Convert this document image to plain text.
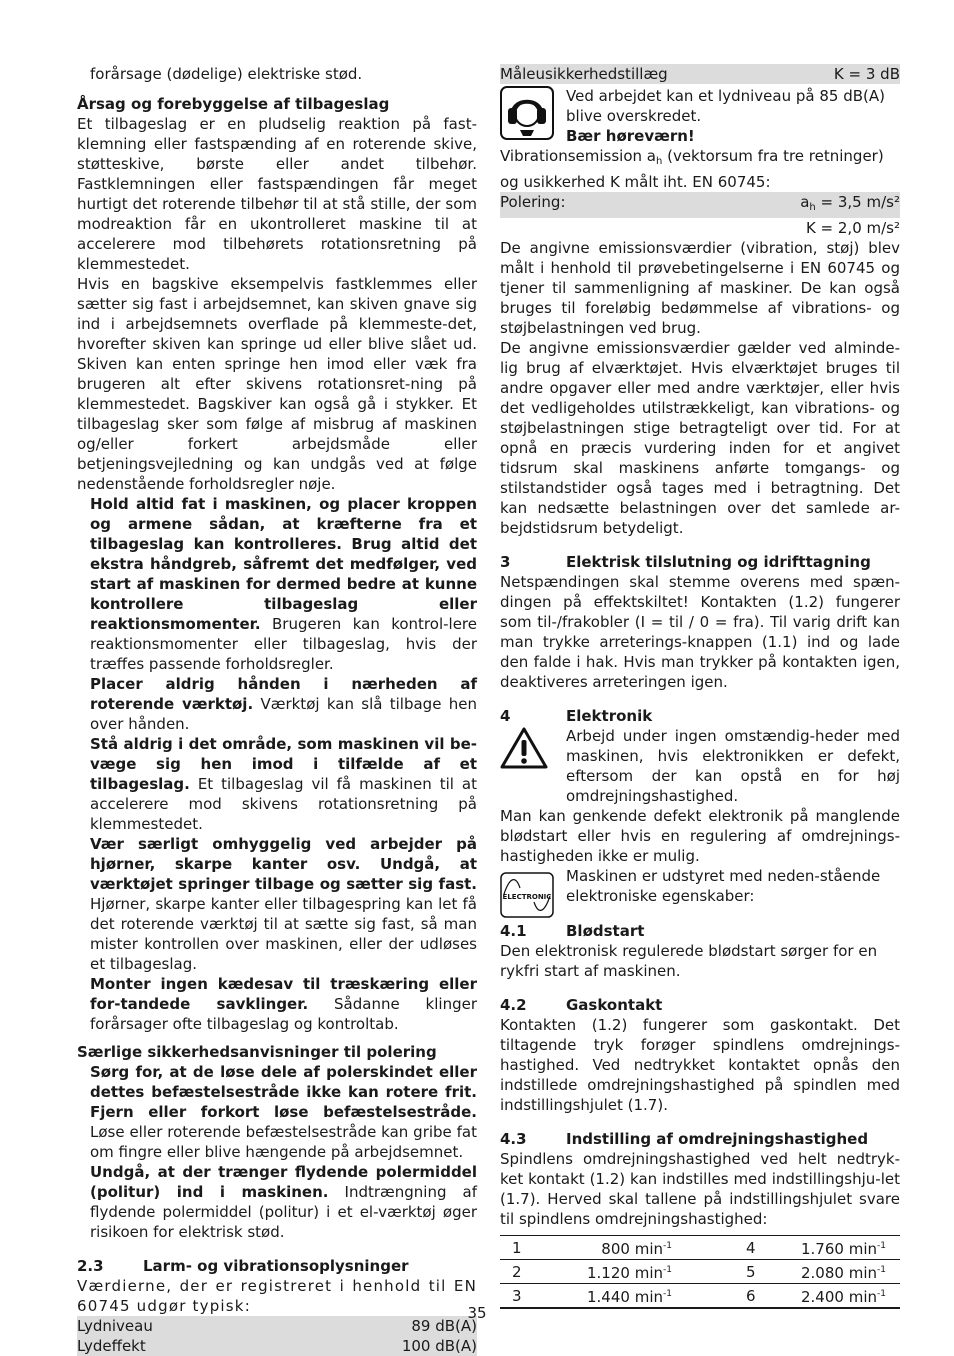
forårsage (dødelige) elektriske stød.

Årsag og forebyggelse af tilbageslag

Et tilbageslag er en pludselig reaktion på fast-klemning eller fastspænding af en roterende skive, støtteskive, børste eller andet tilbehør. Fastklemningen eller fastspændingen får meget hurtigt det roterende tilbehør til at stå stille, der som modreaktion får en ukontrolleret maskine til at accelerere mod tilbehørets rotationsretning på klemmestedet.

Hvis en bagskive eksempelvis fastklemmes eller sætter sig fast i arbejdsemnet, kan skiven gnave sig ind i arbejdsemnets overflade på klemmeste-det, hvorefter skiven kan springe ud eller blive slået ud. Skiven kan enten springe hen imod eller væk fra brugeren alt efter skivens rotationsret-ning på klemmestedet. Bagskiver kan også gå i stykker. Et tilbageslag sker som følge af misbrug af maskinen og/eller forkert arbejdsmåde eller betjeningsvejledning og kan undgås ved at følge nedenstående forholdsregler nøje.

Hold altid fat i maskinen, og placer kroppen og armene sådan, at kræfterne fra et tilbageslag kan kontrolleres. Brug altid det ekstra håndgreb, såfremt det medfølger, ved start af maskinen for dermed bedre at kunne kontrollere tilbageslag eller reaktionsmomenter. Brugeren kan kontrol-lere reaktionsmomenter eller tilbageslag, hvis der træffes passende forholdsregler.

Placer aldrig hånden i nærheden af roterende værktøj. Værktøj kan slå tilbage hen over hånden.

Stå aldrig i det område, som maskinen vil be-væge sig hen imod i tilfælde af et tilbageslag. Et tilbageslag vil få maskinen til at accelerere mod skivens rotationsretning på klemmestedet.

Vær særligt omhyggelig ved arbejder på hjørner, skarpe kanter osv. Undgå, at værktøjet springer tilbage og sætter sig fast. Hjørner, skarpe kanter eller tilbagespring kan let få det roterende værktøj til at sætte sig fast, så man mister kontrollen over maskinen, eller der udløses et tilbageslag.

Monter ingen kædesav til træskæring eller for-tandede savklinger. Sådanne klinger forårsager ofte tilbageslag og kontroltab.

Særlige sikkerhedsanvisninger til polering

Sørg for, at de løse dele af polerskindet eller dettes befæstelsestråde ikke kan rotere frit. Fjern eller forkort løse befæstelsestråde. Løse eller roterende befæstelsestråde kan gribe fat om fingre eller blive hængende på arbejdsemnet.

Undgå, at der trænger flydende polermiddel (politur) ind i maskinen. Indtrængning af flydende polermiddel (politur) i et el-værktøj øger risikoen for elektrisk stød.

2.3	Larm- og vibrationsoplysninger

Værdierne, der er registreret i henhold til EN 60745 udgør typisk:

Lydniveau	89 dB(A)
Lydeffekt	100 dB(A)
Måleusikkerhedstillæg	K = 3 dB

Ved arbejdet kan et lydniveau på 85 dB(A) blive overskredet.

Bær høreværn!

Vibrationsemission $a_h$ (vektorsum fra tre retninger) og usikkerhed K målt iht. EN 60745:

Polering:	$a_h = 3,5$ m/s²
K = 2,0 m/s²

De angivne emissionsværdier (vibration, støj) blev målt i henhold til prøvebetingelserne i EN 60745 og tjener til sammenligning af maskiner. De kan også bruges til foreløbig bedømmelse af vibrations- og støjbelastningen ved brug.

De angivne emissionsværdier gælder ved alminde-lig brug af elværktøjet. Hvis elværktøjet bruges til andre opgaver eller med andre værktøjer, eller hvis det vedligeholdes utilstrækkeligt, kan vibrations- og støjbelastningen stige betragteligt over tid. For at opnå en præcis vurdering inden for et angivet tidsrum skal maskinens anførte tomgangs- og stilstandstider også tages med i betragtning. Det kan nedsætte belastningen over det samlede ar-bejdstidsrum betydeligt.

3	Elektrisk tilslutning og idrifttagning

Netspændingen skal stemme overens med spæn-dingen på effektskiltet! Kontakten (1.2) fungerer som til-/frakobler (I = til / 0 = fra). Til varig drift kan man trykke arreterings-knappen (1.1) ind og lade den falde i hak. Hvis man trykker på kontakten igen, deaktiveres arreteringen igen.

4	Elektronik

Arbejd under ingen omstændig-heder med maskinen, hvis elektronikken er defekt, eftersom der kan opstå en for høj omdrejningshastighed.

Man kan genkende defekt elektronik på manglende blødstart eller hvis en regulering af omdrejnings-hastigheden ikke er mulig.

ELECTRONIC

Maskinen er udstyret med neden-stående elektroniske egenskaber:

4.1	Blødstart

Den elektronisk regulerede blødstart sørger for en rykfri start af maskinen.

4.2	Gaskontakt

Kontakten (1.2) fungerer som gaskontakt. Det tiltagende tryk forøger spindlens omdrejnings-hastighed. Ved nedtrykket kontaktet opnås den indstillede omdrejningshastighed på spindlen med indstillingshjulet (1.7).

4.3	Indstilling af omdrejningshastighed

Spindlens omdrejningshastighed ved helt nedtryk-ket kontakt (1.2) kan indstilles med indstillingshju-let (1.7). Herved skal tallene på indstillingshjulet svare til spindlens omdrejningshastighed:

1	800 $\min^{-1}$	4	1.760 $\min^{-1}$
2	1.120 $\min^{-1}$	5	2.080 $\min^{-1}$
3	1.440 $\min^{-1}$	6	2.400 $\min^{-1}$
35
